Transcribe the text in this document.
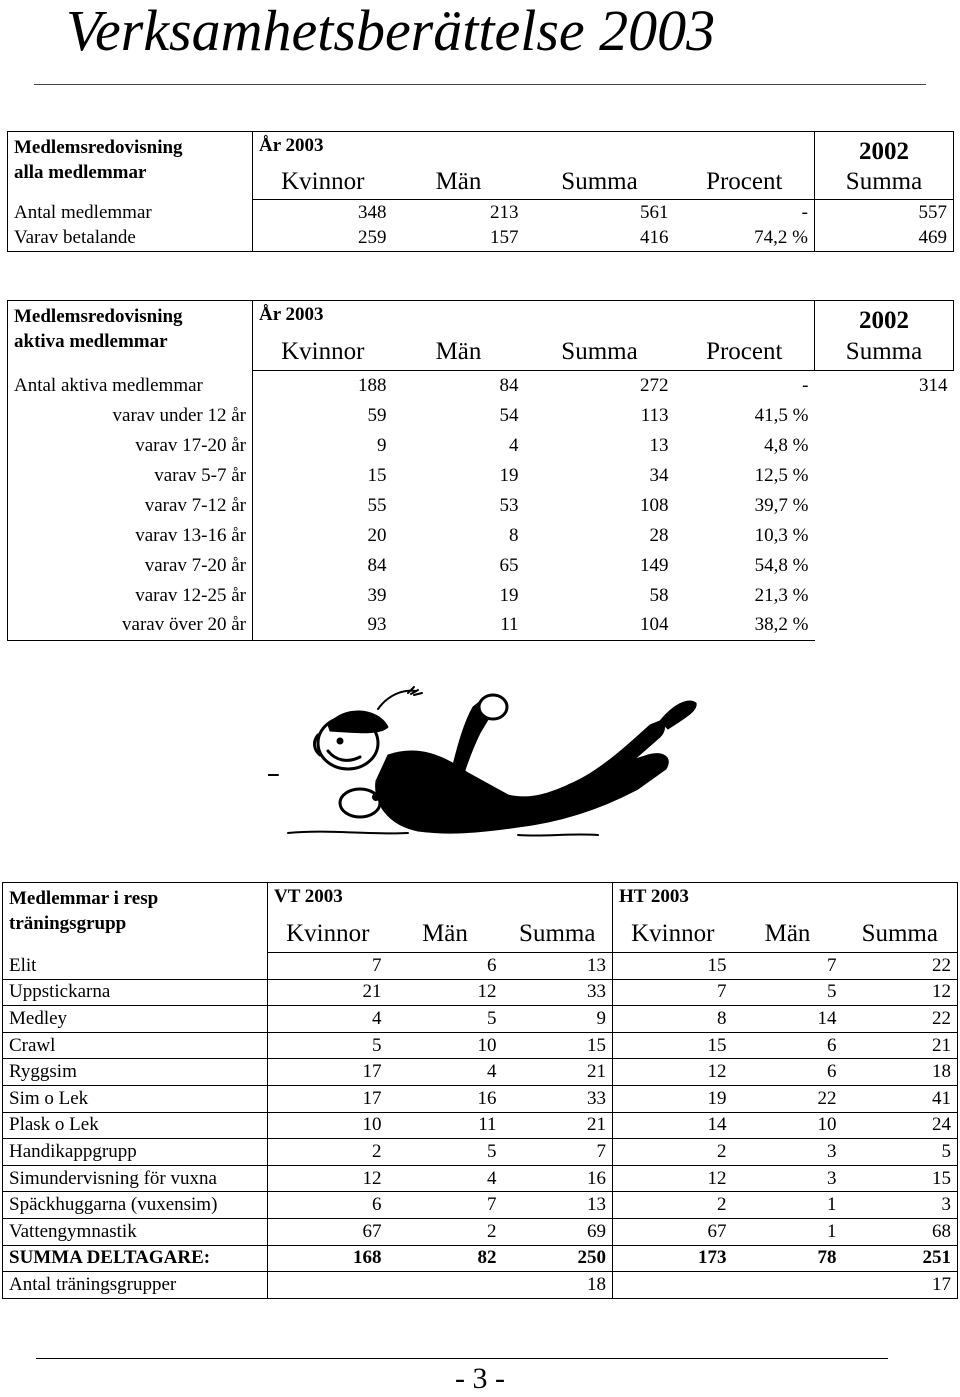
Verksamhetsberättelse 2003
Medlemsredovisning
alla medlemmar	År 2003				2002
	Kvinnor	Män	Summa	Procent	Summa
Antal medlemmar	348	213	561	-	557
Varav betalande	259	157	416	74,2 %	469
Medlemsredovisning
aktiva medlemmar	År 2003				2002
	Kvinnor	Män	Summa	Procent	Summa
Antal aktiva medlemmar	188	84	272	-	314
varav under 12 år	59	54	113	41,5 %	
varav 17-20 år	9	4	13	4,8 %	
varav 5-7 år	15	19	34	12,5 %	
varav 7-12 år	55	53	108	39,7 %	
varav 13-16 år	20	8	28	10,3 %	
varav 7-20 år	84	65	149	54,8 %	
varav 12-25 år	39	19	58	21,3 %	
varav över 20 år	93	11	104	38,2 %	
Medlemmar i resp
träningsgrupp	VT 2003			HT 2003		
	Kvinnor	Män	Summa	Kvinnor	Män	Summa
Elit	7	6	13	15	7	22
Uppstickarna	21	12	33	7	5	12
Medley	4	5	9	8	14	22
Crawl	5	10	15	15	6	21
Ryggsim	17	4	21	12	6	18
Sim o Lek	17	16	33	19	22	41
Plask o Lek	10	11	21	14	10	24
Handikappgrupp	2	5	7	2	3	5
Simundervisning för vuxna	12	4	16	12	3	15
Späckhuggarna (vuxensim)	6	7	13	2	1	3
Vattengymnastik	67	2	69	67	1	68
SUMMA DELTAGARE:	168	82	250	173	78	251
Antal träningsgrupper			18			17
- 3 -
